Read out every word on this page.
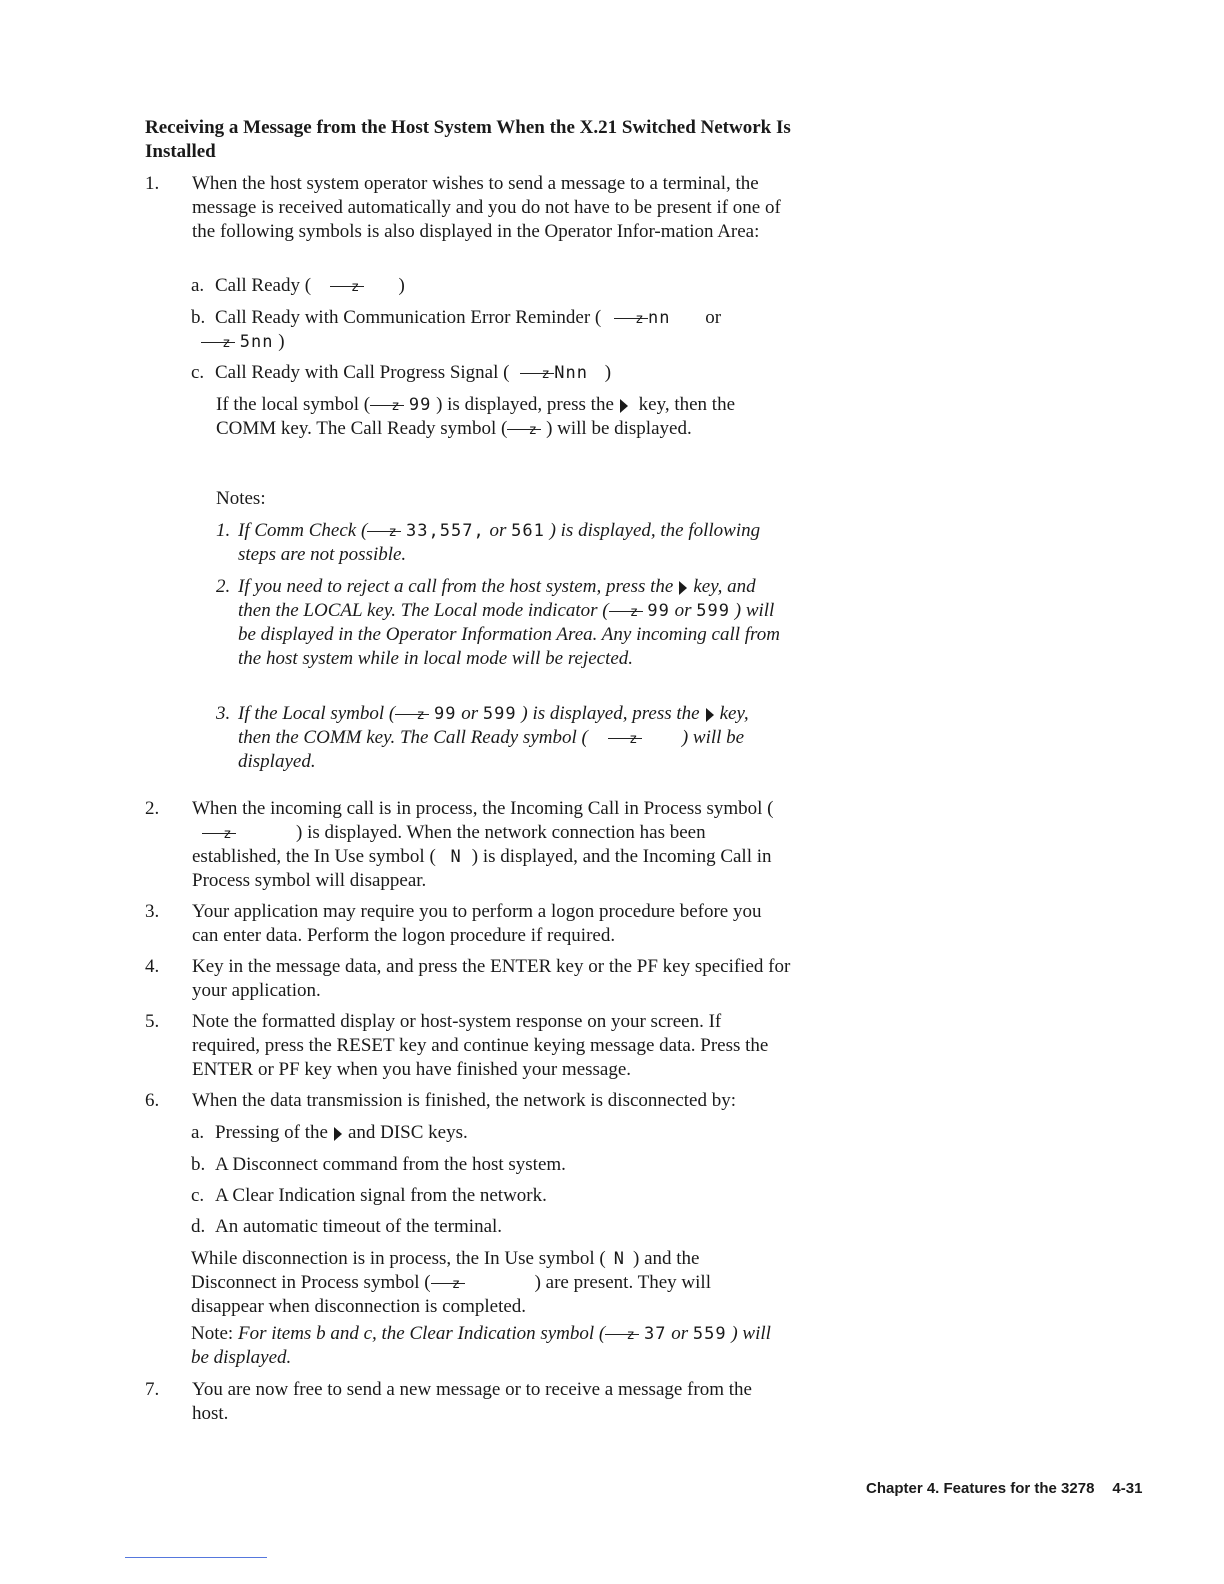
Receiving a Message from the Host System When the X.21 Switched Network Is Installed
1.	When the host system operator wishes to send a message to a terminal, the message is received automatically and you do not have to be present if one of the following symbols is also displayed in the Operator Infor-mation Area:
a. Call Ready ( z	)
b. Call Ready with Communication Error Reminder ( z	nn or
z 5nn )
c. Call Ready with Call Progress Signal ( z	Nnn )
If the local symbol ( z 99 ) is displayed, press the key, then the COMM key. The Call Ready symbol ( z ) will be displayed.
Notes:
1. If Comm Check ( z 33,557, or 561 ) is displayed, the following steps are not possible.
2. If you need to reject a call from the host system, press the key, and then the LOCAL key. The Local mode indicator ( z 99 or 599 ) will be displayed in the Operator Information Area. Any incoming call from the host system while in local mode will be rejected.
3. If the Local symbol ( z 99 or 599 ) is displayed, press the key, then the COMM key. The Call Ready symbol ( z	) will be displayed.
2.	When the incoming call is in process, the Incoming Call in Process symbol (z) is displayed. When the network connection has been established, the In Use symbol ( N ) is displayed, and the Incoming Call in Process symbol will disappear.
3.	Your application may require you to perform a logon procedure before you can enter data. Perform the logon procedure if required.
4.	Key in the message data, and press the ENTER key or the PF key specified for your application.
5.	Note the formatted display or host-system response on your screen. If required, press the RESET key and continue keying message data. Press the ENTER or PF key when you have finished your message.
6.	When the data transmission is finished, the network is disconnected by:
a. Pressing of the and DISC keys.
b. A Disconnect command from the host system.
c. A Clear Indication signal from the network.
d. An automatic timeout of the terminal.
While disconnection is in process, the In Use symbol ( N ) and the Disconnect in Process symbol ( z	) are present. They will disappear when disconnection is completed.
Note: For items b and c, the Clear Indication symbol ( z 37 or 559 ) will be displayed.
7.	You are now free to send a new message or to receive a message from the host.
Chapter 4. Features for the 3278 4-31
